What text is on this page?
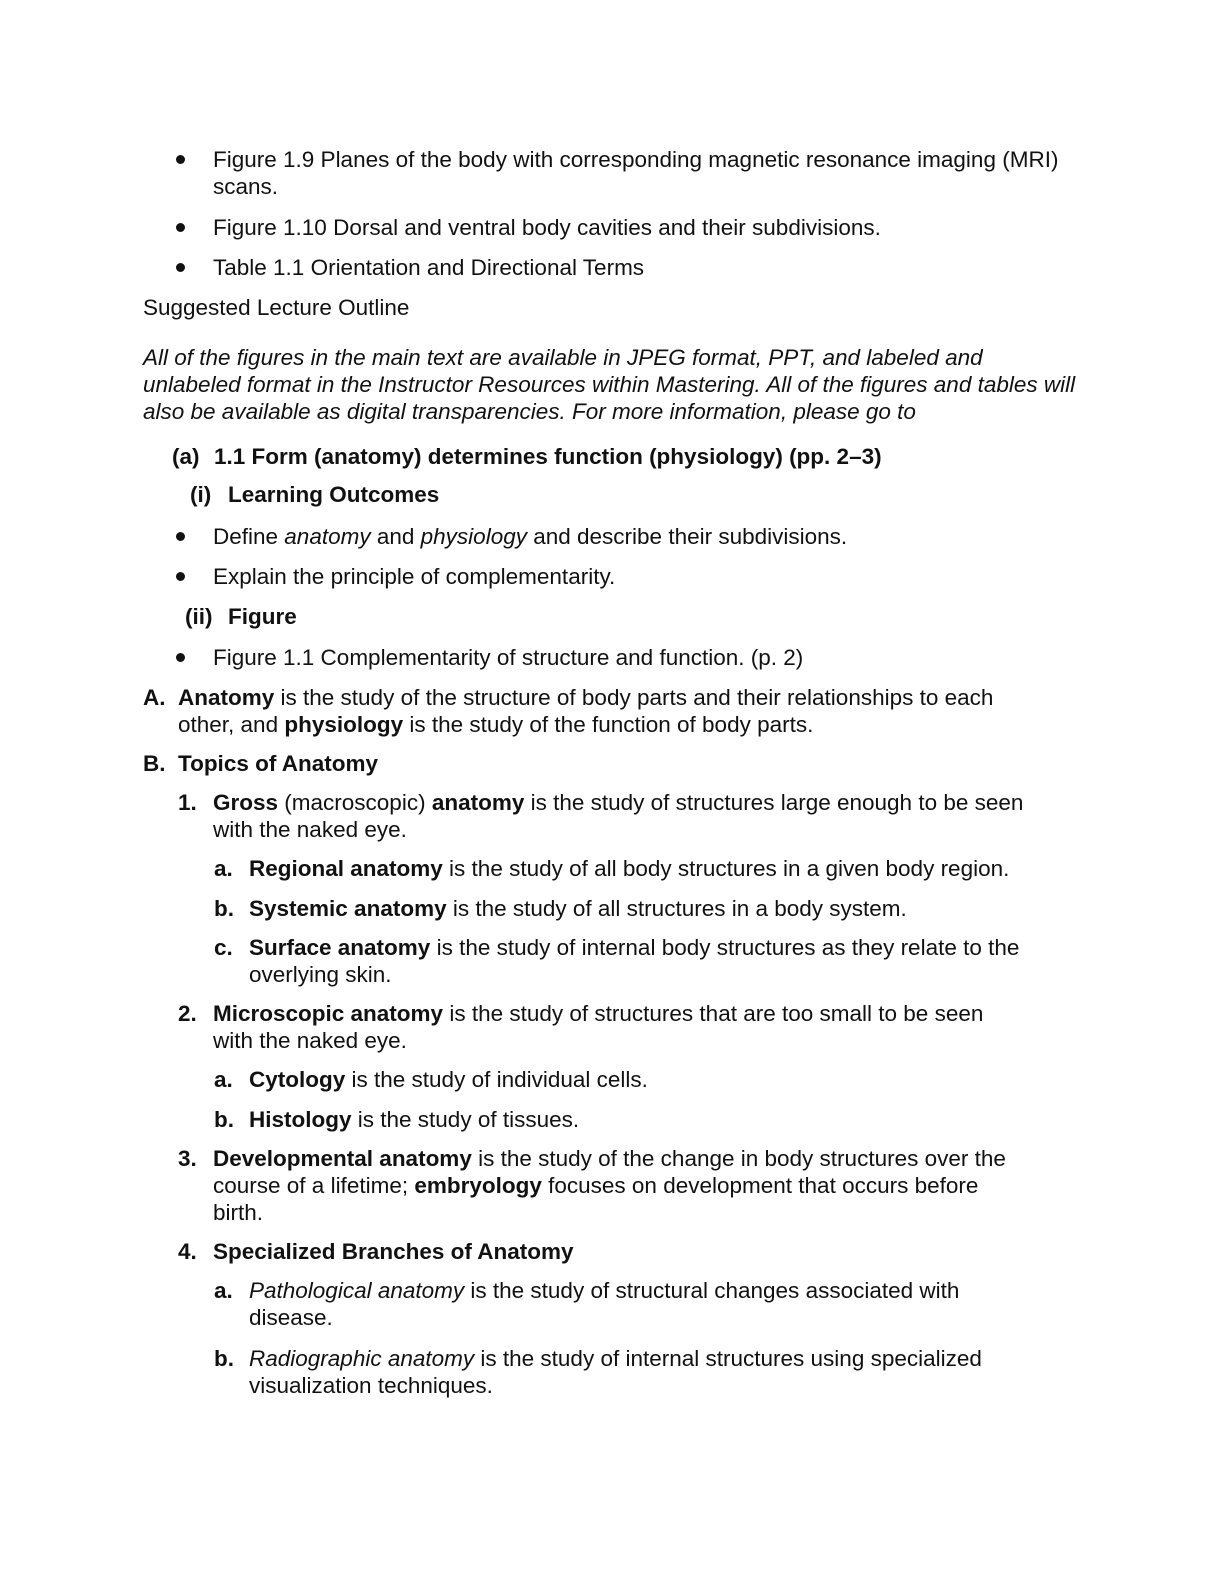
Figure 1.9 Planes of the body with corresponding magnetic resonance imaging (MRI) scans.
Figure 1.10 Dorsal and ventral body cavities and their subdivisions.
Table 1.1 Orientation and Directional Terms
Suggested Lecture Outline
All of the figures in the main text are available in JPEG format, PPT, and labeled and unlabeled format in the Instructor Resources within Mastering. All of the figures and tables will also be available as digital transparencies. For more information, please go to
(a) 1.1 Form (anatomy) determines function (physiology) (pp. 2–3)
(i) Learning Outcomes
Define anatomy and physiology and describe their subdivisions.
Explain the principle of complementarity.
(ii) Figure
Figure 1.1 Complementarity of structure and function. (p. 2)
A. Anatomy is the study of the structure of body parts and their relationships to each
other, and physiology is the study of the function of body parts.
B. Topics of Anatomy
1. Gross (macroscopic) anatomy is the study of structures large enough to be seen
with the naked eye.
a. Regional anatomy is the study of all body structures in a given body region.
b. Systemic anatomy is the study of all structures in a body system.
c. Surface anatomy is the study of internal body structures as they relate to the
overlying skin.
2. Microscopic anatomy is the study of structures that are too small to be seen
with the naked eye.
a. Cytology is the study of individual cells.
b. Histology is the study of tissues.
3. Developmental anatomy is the study of the change in body structures over the
course of a lifetime; embryology focuses on development that occurs before
birth.
4. Specialized Branches of Anatomy
a. Pathological anatomy is the study of structural changes associated with
disease.
b. Radiographic anatomy is the study of internal structures using specialized
visualization techniques.
